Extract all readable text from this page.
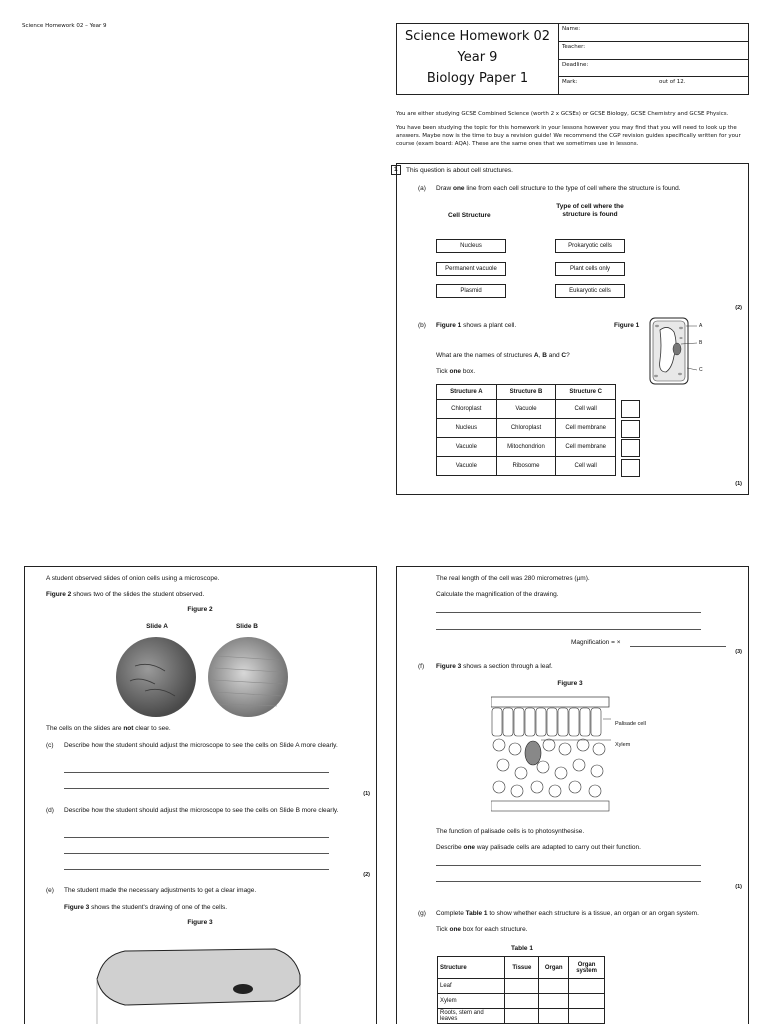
Science Homework 02 – Year 9
Science Homework 02
Year 9
Biology Paper 1
Name:
Teacher:
Deadline:
Mark:	out of 12.
You are either studying GCSE Combined Science (worth 2 x GCSEs) or GCSE Biology, GCSE Chemistry and GCSE Physics.
You have been studying the topic for this homework in your lessons however you may find that you will need to look up the answers. Maybe now is the time to buy a revision guide! We recommend the CGP revision guides specifically written for your course (exam board: AQA). These are the same ones that we sometimes use in lessons.
1	This question is about cell structures.
(a) Draw one line from each cell structure to the type of cell where the structure is found.
Cell Structure
Type of cell where the structure is found
Nucleus
Permanent vacuole
Plasmid
Prokaryotic cells
Plant cells only
Eukaryotic cells
(2)
(b) Figure 1 shows a plant cell.	Figure 1	A
B
C
What are the names of structures A, B and C?
Tick one box.
Structure A	Structure B	Structure C
Chloroplast	Vacuole	Cell wall
Nucleus	Chloroplast	Cell membrane
Vacuole	Mitochondrion	Cell membrane
Vacuole	Ribosome	Cell wall
(1)
A student observed slides of onion cells using a microscope.
Figure 2 shows two of the slides the student observed.
Figure 2
Slide A	Slide B
The cells on the slides are not clear to see.
(c) Describe how the student should adjust the microscope to see the cells on Slide A more clearly.
(1)
(d) Describe how the student should adjust the microscope to see the cells on Slide B more clearly.
(2)
(e) The student made the necessary adjustments to get a clear image.
Figure 3 shows the student's drawing of one of the cells.
Figure 3
The real length of the cell was 280 micrometres (µm).
Calculate the magnification of the drawing.
Magnification = ×
(3)
(f) Figure 3 shows a section through a leaf.
Figure 3
Palisade cell
Xylem
The function of palisade cells is to photosynthesise.
Describe one way palisade cells are adapted to carry out their function.
(1)
(g) Complete Table 1 to show whether each structure is a tissue, an organ or an organ system.
Tick one box for each structure.
Table 1
Structure	Tissue	Organ	Organ system
Leaf			
Xylem			
Roots, stem and leaves			
